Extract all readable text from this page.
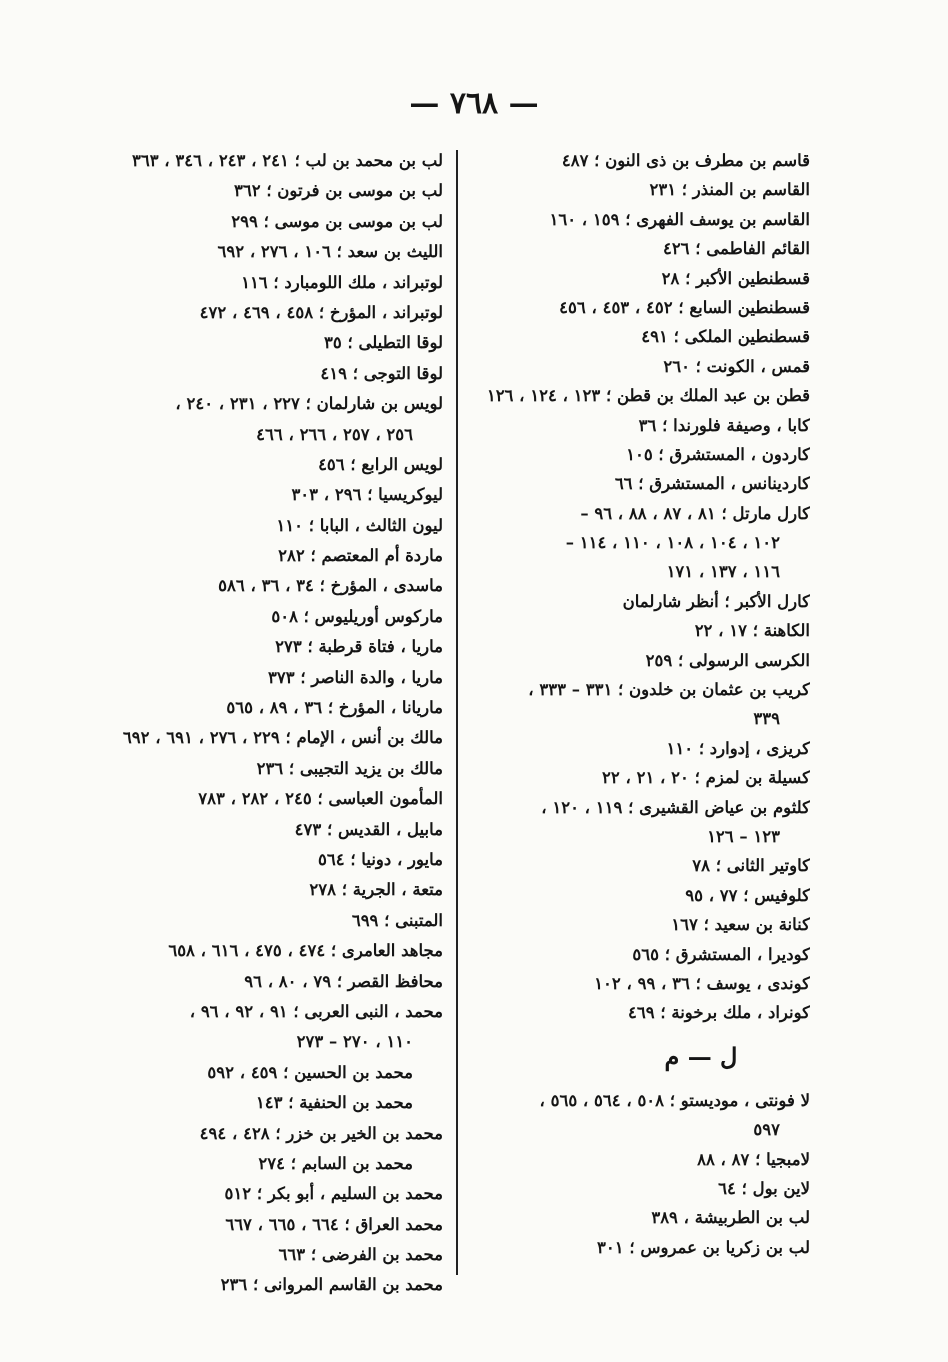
— ٧٦٨ —
قاسم بن مطرف بن ذى النون ؛ ٤٨٧
القاسم بن المنذر ؛ ٢٣١
القاسم بن يوسف الفهرى ؛ ١٥٩ ، ١٦٠
القائم الفاطمى ؛ ٤٢٦
قسطنطين الأكبر ؛ ٢٨
قسطنطين السابع ؛ ٤٥٢ ، ٤٥٣ ، ٤٥٦
قسطنطين الملكى ؛ ٤٩١
قمس ، الكونت ؛ ٢٦٠
قطن بن عبد الملك بن قطن ؛ ١٢٣ ، ١٢٤ ، ١٢٦
كابا ، وصيفة فلورندا ؛ ٣٦
كاردون ، المستشرق ؛ ١٠٥
كاردينانس ، المستشرق ؛ ٦٦
كارل مارتل ؛ ٨١ ، ٨٧ ، ٨٨ ، ٩٦ –
١٠٢ ، ١٠٤ ، ١٠٨ ، ١١٠ ، ١١٤ –
١١٦ ، ١٣٧ ، ١٧١
كارل الأكبر ؛ أنظر شارلمان
الكاهنة ؛ ١٧ ، ٢٢
الكرسى الرسولى ؛ ٢٥٩
كريب بن عثمان بن خلدون ؛ ٣٣١ – ٣٣٣ ،
٣٣٩
كريزى ، إدوارد ؛ ١١٠
كسيلة بن لمزم ؛ ٢٠ ، ٢١ ، ٢٢
كلثوم بن عياض القشيرى ؛ ١١٩ ، ١٢٠ ،
١٢٣ – ١٢٦
كاوتير الثانى ؛ ٧٨
كلوفيس ؛ ٧٧ ، ٩٥
كنانة بن سعيد ؛ ١٦٧
كوديرا ، المستشرق ؛ ٥٦٥
كوندى ، يوسف ؛ ٣٦ ، ٩٩ ، ١٠٢
كونراد ، ملك برخونة ؛ ٤٦٩
ل — م
لا فونتى ، موديستو ؛ ٥٠٨ ، ٥٦٤ ، ٥٦٥ ،
٥٩٧
لامبجيا ؛ ٨٧ ، ٨٨
لاين بول ؛ ٦٤
لب بن الطربيشة ، ٣٨٩
لب بن زكريا بن عمروس ؛ ٣٠١
لب بن محمد بن لب ؛ ٢٤١ ، ٢٤٣ ، ٣٤٦ ، ٣٦٣
لب بن موسى بن فرتون ؛ ٣٦٢
لب بن موسى بن موسى ؛ ٢٩٩
الليث بن سعد ؛ ١٠٦ ، ٢٧٦ ، ٦٩٢
لوتبراند ، ملك اللومبارد ؛ ١١٦
لوتبراند ، المؤرخ ؛ ٤٥٨ ، ٤٦٩ ، ٤٧٢
لوقا التطيلى ؛ ٣٥
لوقا التوجى ؛ ٤١٩
لويس بن شارلمان ؛ ٢٢٧ ، ٢٣١ ، ٢٤٠ ،
٢٥٦ ، ٢٥٧ ، ٢٦٦ ، ٤٦٦
لويس الرابع ؛ ٤٥٦
ليوكريسيا ؛ ٢٩٦ ، ٣٠٣
ليون الثالث ، البابا ؛ ١١٠
ماردة أم المعتصم ؛ ٢٨٢
ماسدى ، المؤرخ ؛ ٣٤ ، ٣٦ ، ٥٨٦
ماركوس أوريليوس ؛ ٥٠٨
ماريا ، فتاة قرطبة ؛ ٢٧٣
ماريا ، والدة الناصر ؛ ٣٧٣
ماريانا ، المؤرخ ؛ ٣٦ ، ٨٩ ، ٥٦٥
مالك بن أنس ، الإمام ؛ ٢٢٩ ، ٢٧٦ ، ٦٩١ ، ٦٩٢
مالك بن يزيد التجيبى ؛ ٢٣٦
المأمون العباسى ؛ ٢٤٥ ، ٢٨٢ ، ٧٨٣
مابيل ، القديس ؛ ٤٧٣
مايور ، دونيا ؛ ٥٦٤
متعة ، الجرية ؛ ٢٧٨
المتبنى ؛ ٦٩٩
مجاهد العامرى ؛ ٤٧٤ ، ٤٧٥ ، ٦١٦ ، ٦٥٨
محافظ القصر ؛ ٧٩ ، ٨٠ ، ٩٦
محمد ، النبى العربى ؛ ٩١ ، ٩٢ ، ٩٦ ،
١١٠ ، ٢٧٠ – ٢٧٣
محمد بن الحسين ؛ ٤٥٩ ، ٥٩٢
محمد بن الحنفية ؛ ١٤٣
محمد بن الخير بن خزر ؛ ٤٢٨ ، ٤٩٤
محمد بن السابم ؛ ٢٧٤
محمد بن السليم ، أبو بكر ؛ ٥١٢
محمد العراق ؛ ٦٦٤ ، ٦٦٥ ، ٦٦٧
محمد بن الفرضى ؛ ٦٦٣
محمد بن القاسم المروانى ؛ ٢٣٦
